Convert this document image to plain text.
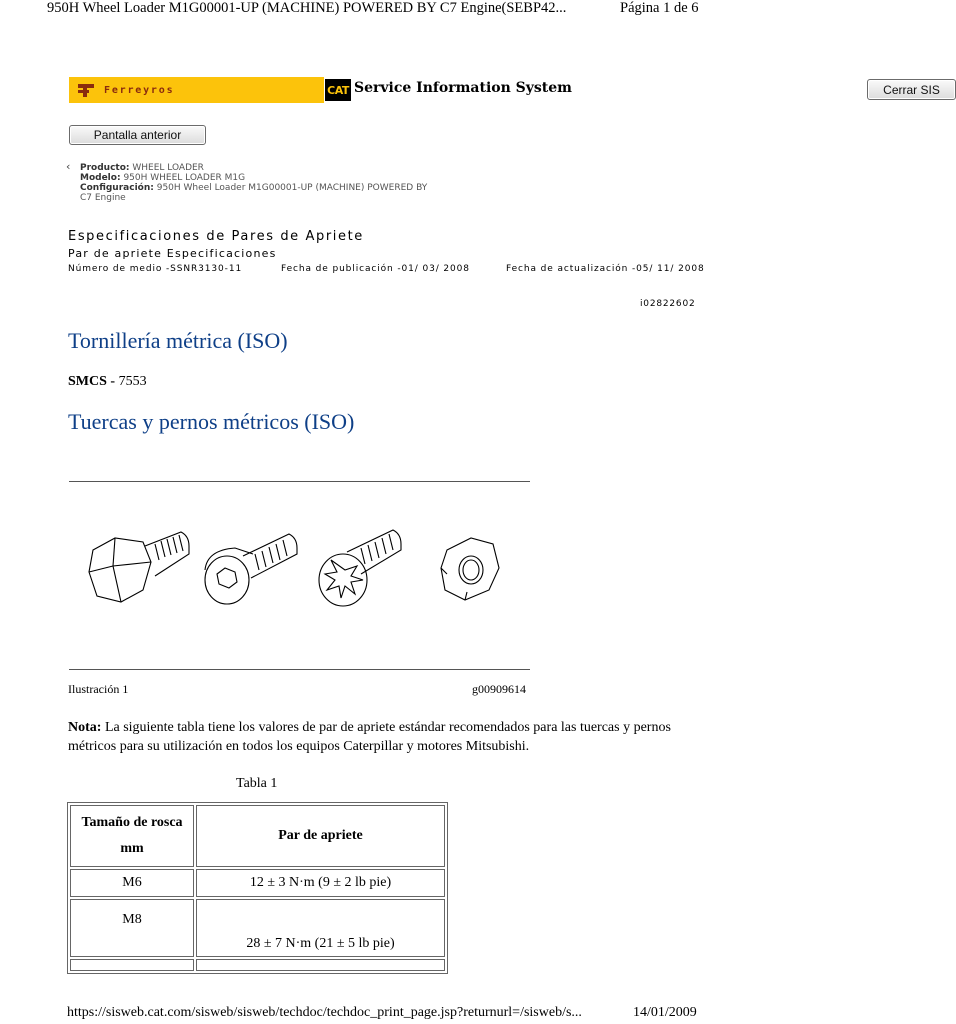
950H Wheel Loader M1G00001-UP (MACHINE) POWERED BY C7 Engine(SEBP42...	Página 1 de 6
Ferreyros	CAT Service Information System	Cerrar SIS
Pantalla anterior
‹	Producto: WHEEL LOADER
Modelo: 950H WHEEL LOADER M1G
Configuración: 950H Wheel Loader M1G00001-UP (MACHINE) POWERED BY
C7 Engine
Especificaciones de Pares de Apriete
Par de apriete Especificaciones
Número de medio -SSNR3130-11	Fecha de publicación -01/ 03/ 2008	Fecha de actualización -05/ 11/ 2008
i02822602
Tornillería métrica (ISO)
SMCS - 7553
Tuercas y pernos métricos (ISO)
Ilustración 1	g00909614
Nota: La siguiente tabla tiene los valores de par de apriete estándar recomendados para las tuercas y pernos métricos para su utilización en todos los equipos Caterpillar y motores Mitsubishi.
Tabla 1
Tamaño de rosca
mm	Par de apriete
M6	12 ± 3 N·m (9 ± 2 lb pie)
M8	28 ± 7 N·m (21 ± 5 lb pie)

https://sisweb.cat.com/sisweb/sisweb/techdoc/techdoc_print_page.jsp?returnurl=/sisweb/s...	14/01/2009
